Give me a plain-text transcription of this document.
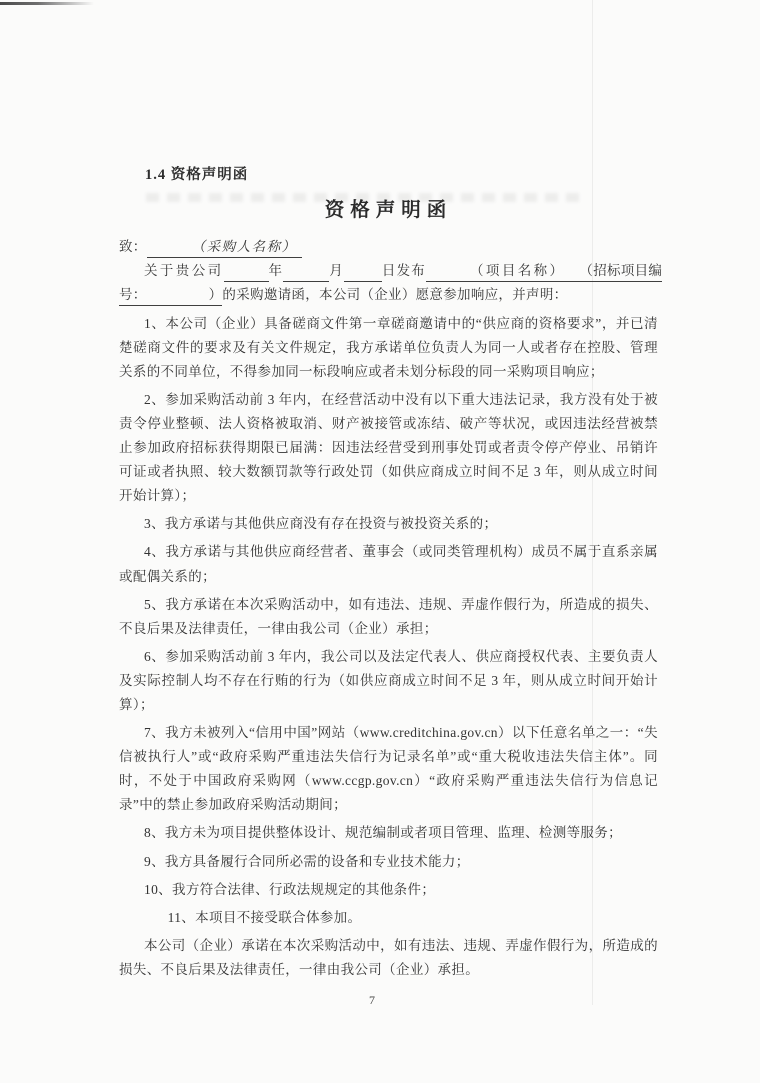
1.4 资格声明函
资格声明函
致：	（采购人名称）
关于贵公司	年	月	日发布	（项目名称） （招标项目编
号：	）的采购邀请函，本公司（企业）愿意参加响应，并声明：

1、本公司（企业）具备磋商文件第一章磋商邀请中的“供应商的资格要求”，并已清楚磋商文件的要求及有关文件规定，我方承诺单位负责人为同一人或者存在控股、管理关系的不同单位，不得参加同一标段响应或者未划分标段的同一采购项目响应；

2、参加采购活动前 3 年内，在经营活动中没有以下重大违法记录，我方没有处于被责令停业整顿、法人资格被取消、财产被接管或冻结、破产等状况，或因违法经营被禁止参加政府招标获得期限已届满：因违法经营受到刑事处罚或者责令停产停业、吊销许可证或者执照、较大数额罚款等行政处罚（如供应商成立时间不足 3 年，则从成立时间开始计算）；

3、我方承诺与其他供应商没有存在投资与被投资关系的；

4、我方承诺与其他供应商经营者、董事会（或同类管理机构）成员不属于直系亲属或配偶关系的；

5、我方承诺在本次采购活动中，如有违法、违规、弄虚作假行为，所造成的损失、不良后果及法律责任，一律由我公司（企业）承担；

6、参加采购活动前 3 年内，我公司以及法定代表人、供应商授权代表、主要负责人及实际控制人均不存在行贿的行为（如供应商成立时间不足 3 年，则从成立时间开始计算）；

7、我方未被列入“信用中国”网站（www.creditchina.gov.cn）以下任意名单之一：“失信被执行人”或“政府采购严重违法失信行为记录名单”或“重大税收违法失信主体”。同时，不处于中国政府采购网（www.ccgp.gov.cn）“政府采购严重违法失信行为信息记录”中的禁止参加政府采购活动期间；

8、我方未为项目提供整体设计、规范编制或者项目管理、监理、检测等服务；

9、我方具备履行合同所必需的设备和专业技术能力；

10、我方符合法律、行政法规规定的其他条件；

11、本项目不接受联合体参加。

本公司（企业）承诺在本次采购活动中，如有违法、违规、弄虚作假行为，所造成的损失、不良后果及法律责任，一律由我公司（企业）承担。

7
